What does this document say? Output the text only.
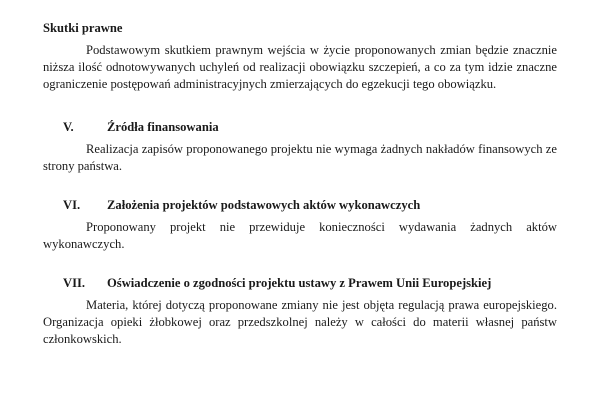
Skutki prawne

Podstawowym skutkiem prawnym wejścia w życie proponowanych zmian będzie znacznie niższa ilość odnotowywanych uchyleń od realizacji obowiązku szczepień, a co za tym idzie znaczne ograniczenie postępowań administracyjnych zmierzających do egzekucji tego obowiązku.

V.	Źródła finansowania

Realizacja zapisów proponowanego projektu nie wymaga żadnych nakładów finansowych ze strony państwa.

VI. Założenia projektów podstawowych aktów wykonawczych

Proponowany projekt nie przewiduje konieczności wydawania żadnych aktów wykonawczych.

VII. Oświadczenie o zgodności projektu ustawy z Prawem Unii Europejskiej

Materia, której dotyczą proponowane zmiany nie jest objęta regulacją prawa europejskiego. Organizacja opieki żłobkowej oraz przedszkolnej należy w całości do materii własnej państw członkowskich.
